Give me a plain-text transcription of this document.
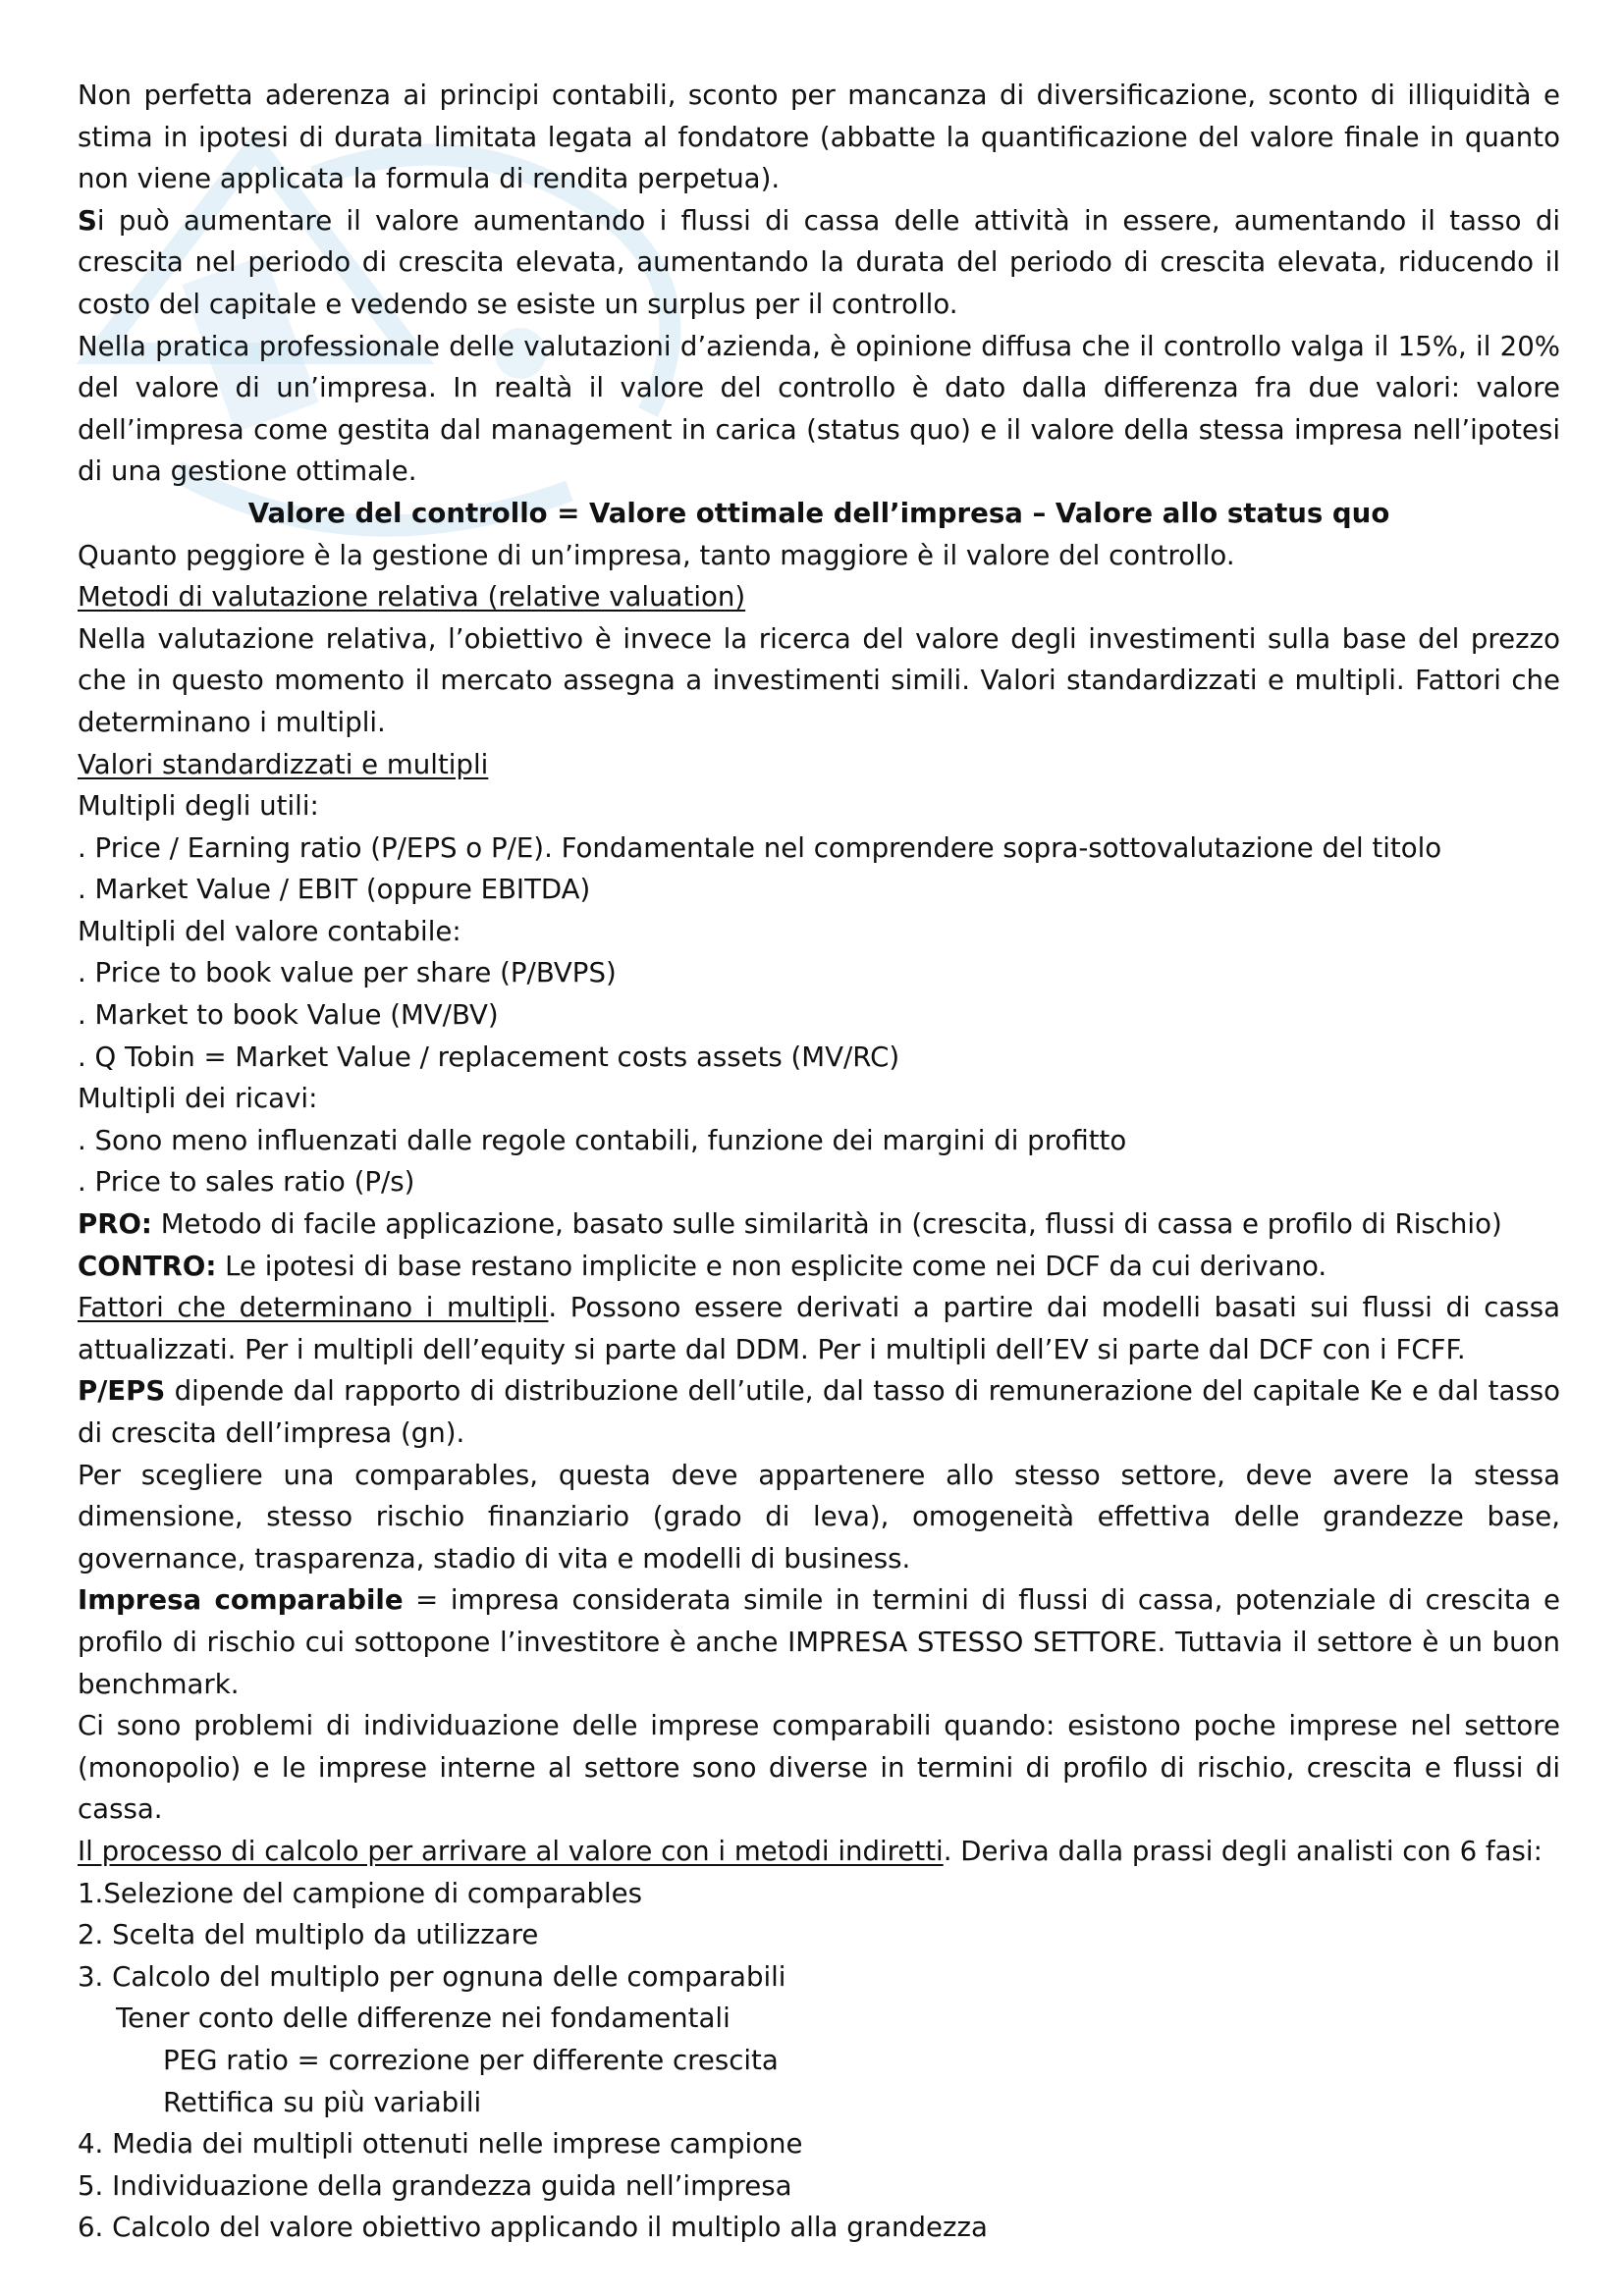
Non perfetta aderenza ai principi contabili, sconto per mancanza di diversificazione, sconto di illiquidità e stima in ipotesi di durata limitata legata al fondatore (abbatte la quantificazione del valore finale in quanto non viene applicata la formula di rendita perpetua).

Si può aumentare il valore aumentando i flussi di cassa delle attività in essere, aumentando il tasso di crescita nel periodo di crescita elevata, aumentando la durata del periodo di crescita elevata, riducendo il costo del capitale e vedendo se esiste un surplus per il controllo.

Nella pratica professionale delle valutazioni d’azienda, è opinione diffusa che il controllo valga il 15%, il 20% del valore di un’impresa. In realtà il valore del controllo è dato dalla differenza fra due valori: valore dell’impresa come gestita dal management in carica (status quo) e il valore della stessa impresa nell’ipotesi di una gestione ottimale.

Valore del controllo = Valore ottimale dell’impresa – Valore allo status quo

Quanto peggiore è la gestione di un’impresa, tanto maggiore è il valore del controllo.

Metodi di valutazione relativa (relative valuation)

Nella valutazione relativa, l’obiettivo è invece la ricerca del valore degli investimenti sulla base del prezzo che in questo momento il mercato assegna a investimenti simili. Valori standardizzati e multipli. Fattori che determinano i multipli.

Valori standardizzati e multipli

Multipli degli utili:

. Price / Earning ratio (P/EPS o P/E). Fondamentale nel comprendere sopra-sottovalutazione del titolo

. Market Value / EBIT (oppure EBITDA)

Multipli del valore contabile:

. Price to book value per share (P/BVPS)

. Market to book Value (MV/BV)

. Q Tobin = Market Value / replacement costs assets (MV/RC)

Multipli dei ricavi:

. Sono meno influenzati dalle regole contabili, funzione dei margini di profitto

. Price to sales ratio (P/s)

PRO: Metodo di facile applicazione, basato sulle similarità in (crescita, flussi di cassa e profilo di Rischio)

CONTRO: Le ipotesi di base restano implicite e non esplicite come nei DCF da cui derivano.

Fattori che determinano i multipli. Possono essere derivati a partire dai modelli basati sui flussi di cassa attualizzati. Per i multipli dell’equity si parte dal DDM. Per i multipli dell’EV si parte dal DCF con i FCFF.

P/EPS dipende dal rapporto di distribuzione dell’utile, dal tasso di remunerazione del capitale Ke e dal tasso di crescita dell’impresa (gn).

Per scegliere una comparables, questa deve appartenere allo stesso settore, deve avere la stessa dimensione, stesso rischio finanziario (grado di leva), omogeneità effettiva delle grandezze base, governance, trasparenza, stadio di vita e modelli di business.

Impresa comparabile = impresa considerata simile in termini di flussi di cassa, potenziale di crescita e profilo di rischio cui sottopone l’investitore è anche IMPRESA STESSO SETTORE. Tuttavia il settore è un buon benchmark.

Ci sono problemi di individuazione delle imprese comparabili quando: esistono poche imprese nel settore (monopolio) e le imprese interne al settore sono diverse in termini di profilo di rischio, crescita e flussi di cassa.

Il processo di calcolo per arrivare al valore con i metodi indiretti. Deriva dalla prassi degli analisti con 6 fasi:

1.Selezione del campione di comparables

2. Scelta del multiplo da utilizzare

3. Calcolo del multiplo per ognuna delle comparabili

Tener conto delle differenze nei fondamentali

PEG ratio = correzione per differente crescita

Rettifica su più variabili

4. Media dei multipli ottenuti nelle imprese campione

5. Individuazione della grandezza guida nell’impresa

6. Calcolo del valore obiettivo applicando il multiplo alla grandezza
